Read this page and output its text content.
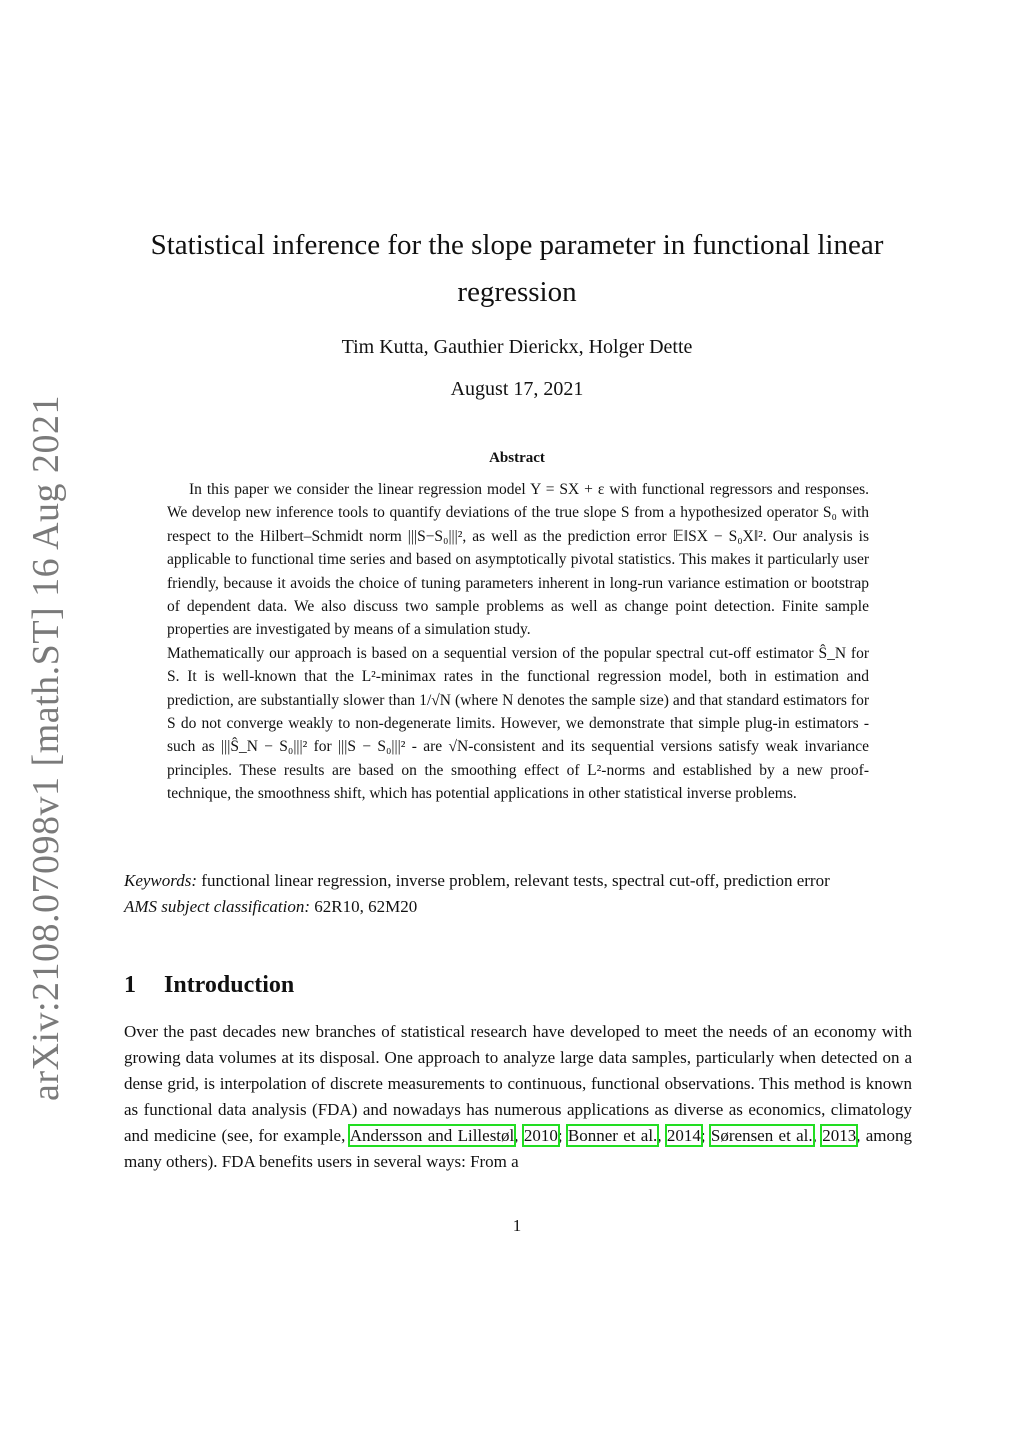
arXiv:2108.07098v1 [math.ST] 16 Aug 2021
Statistical inference for the slope parameter in functional linear regression
Tim Kutta, Gauthier Dierickx, Holger Dette
August 17, 2021
Abstract

In this paper we consider the linear regression model Y = SX + ε with functional regressors and responses. We develop new inference tools to quantify deviations of the true slope S from a hypothesized operator S₀ with respect to the Hilbert–Schmidt norm |||S−S₀|||², as well as the prediction error 𝔼‖SX − S₀X‖². Our analysis is applicable to functional time series and based on asymptotically pivotal statistics. This makes it particularly user friendly, because it avoids the choice of tuning parameters inherent in long-run variance estimation or bootstrap of dependent data. We also discuss two sample problems as well as change point detection. Finite sample properties are investigated by means of a simulation study.

Mathematically our approach is based on a sequential version of the popular spectral cut-off estimator Ŝ_N for S. It is well-known that the L²-minimax rates in the functional regression model, both in estimation and prediction, are substantially slower than 1/√N (where N denotes the sample size) and that standard estimators for S do not converge weakly to non-degenerate limits. However, we demonstrate that simple plug-in estimators - such as |||Ŝ_N − S₀|||² for |||S − S₀|||² - are √N-consistent and its sequential versions satisfy weak invariance principles. These results are based on the smoothing effect of L²-norms and established by a new proof-technique, the smoothness shift, which has potential applications in other statistical inverse problems.

Keywords: functional linear regression, inverse problem, relevant tests, spectral cut-off, prediction error
AMS subject classification: 62R10, 62M20
1 Introduction
Over the past decades new branches of statistical research have developed to meet the needs of an economy with growing data volumes at its disposal. One approach to analyze large data samples, particularly when detected on a dense grid, is interpolation of discrete measurements to continuous, functional observations. This method is known as functional data analysis (FDA) and nowadays has numerous applications as diverse as economics, climatology and medicine (see, for example, Andersson and Lillestøl, 2010; Bonner et al., 2014; Sørensen et al., 2013, among many others). FDA benefits users in several ways: From a
1
